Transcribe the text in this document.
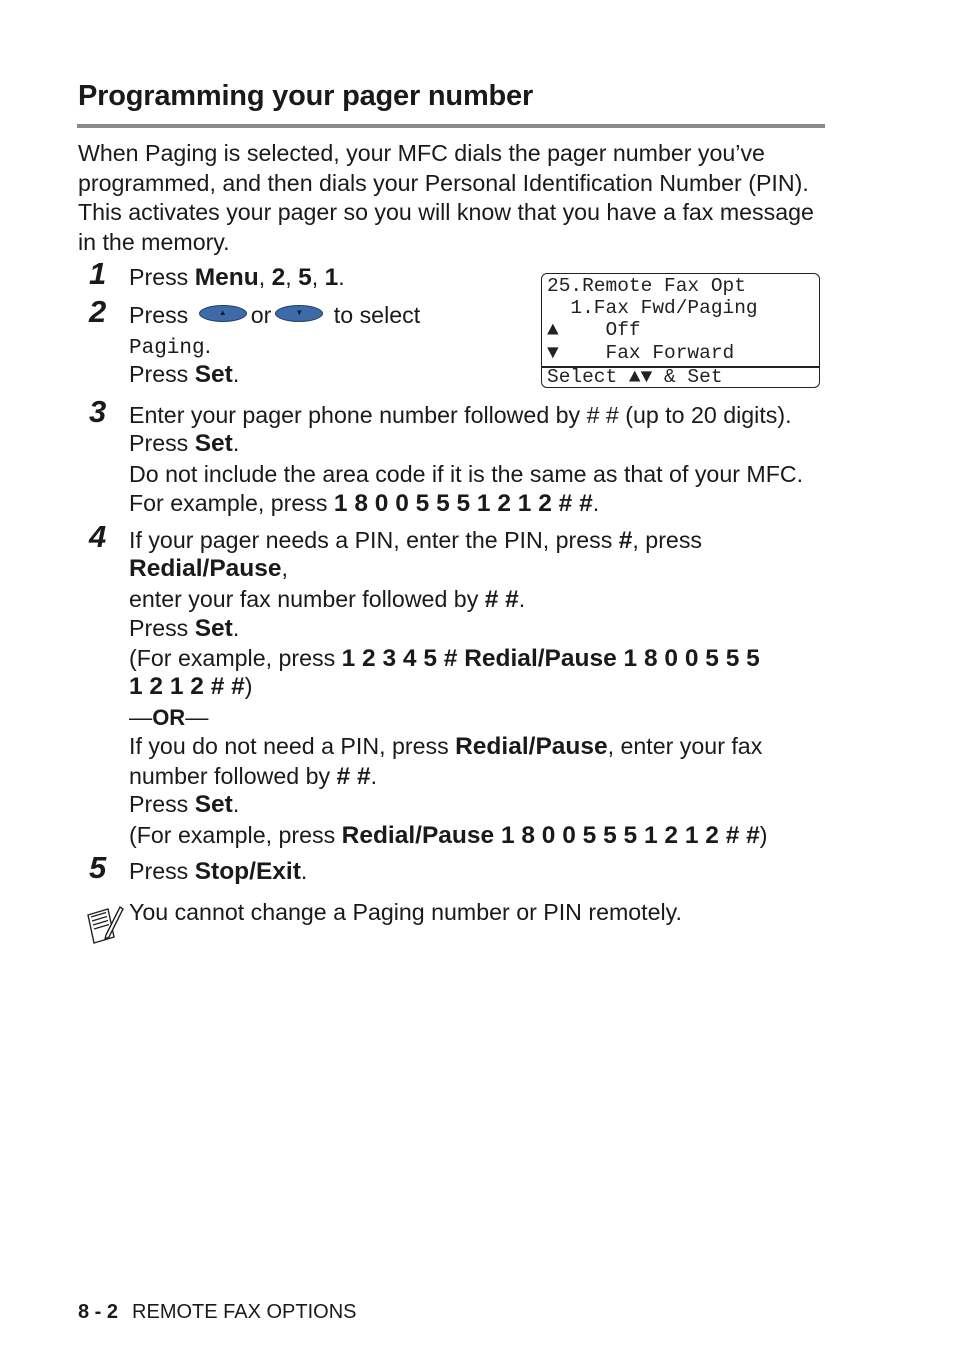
Programming your pager number
When Paging is selected, your MFC dials the pager number you’ve programmed, and then dials your Personal Identification Number (PIN). This activates your pager so you will know that you have a fax message in the memory.
1 Press Menu, 2, 5, 1.
2 Press	▲	or	▼	to select
Paging.
Press Set.
25.Remote Fax Opt
1.Fax Fwd/Paging
▲    Off
▼    Fax Forward
Select ▲▼ & Set
3 Enter your pager phone number followed by # # (up to 20 digits).
Press Set.
Do not include the area code if it is the same as that of your MFC.
For example, press 1 8 0 0 5 5 5 1 2 1 2 # #.
4 If your pager needs a PIN, enter the PIN, press #, press
Redial/Pause,
enter your fax number followed by # #.
Press Set.
(For example, press 1 2 3 4 5 # Redial/Pause 1 8 0 0 5 5 5
1 2 1 2 # #)
—OR—
If you do not need a PIN, press Redial/Pause, enter your fax
number followed by # #.
Press Set.
(For example, press Redial/Pause 1 8 0 0 5 5 5 1 2 1 2 # #)
5 Press Stop/Exit.
You cannot change a Paging number or PIN remotely.
8 - 2 REMOTE FAX OPTIONS
